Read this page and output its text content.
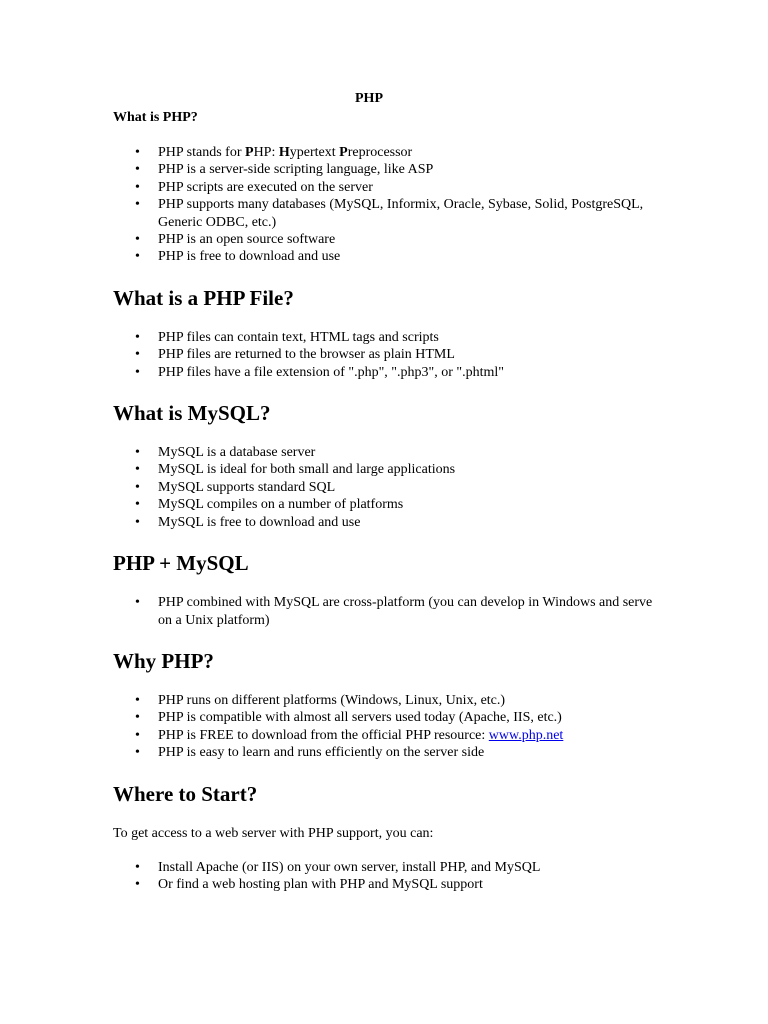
PHP
What is PHP?
• PHP stands for PHP: Hypertext Preprocessor
• PHP is a server-side scripting language, like ASP
• PHP scripts are executed on the server
• PHP supports many databases (MySQL, Informix, Oracle, Sybase, Solid, PostgreSQL, Generic ODBC, etc.)
• PHP is an open source software
• PHP is free to download and use
What is a PHP File?
• PHP files can contain text, HTML tags and scripts
• PHP files are returned to the browser as plain HTML
• PHP files have a file extension of ".php", ".php3", or ".phtml"
What is MySQL?
• MySQL is a database server
• MySQL is ideal for both small and large applications
• MySQL supports standard SQL
• MySQL compiles on a number of platforms
• MySQL is free to download and use
PHP + MySQL
• PHP combined with MySQL are cross-platform (you can develop in Windows and serve on a Unix platform)
Why PHP?
• PHP runs on different platforms (Windows, Linux, Unix, etc.)
• PHP is compatible with almost all servers used today (Apache, IIS, etc.)
• PHP is FREE to download from the official PHP resource: www.php.net
• PHP is easy to learn and runs efficiently on the server side
Where to Start?
To get access to a web server with PHP support, you can:
• Install Apache (or IIS) on your own server, install PHP, and MySQL
• Or find a web hosting plan with PHP and MySQL support
